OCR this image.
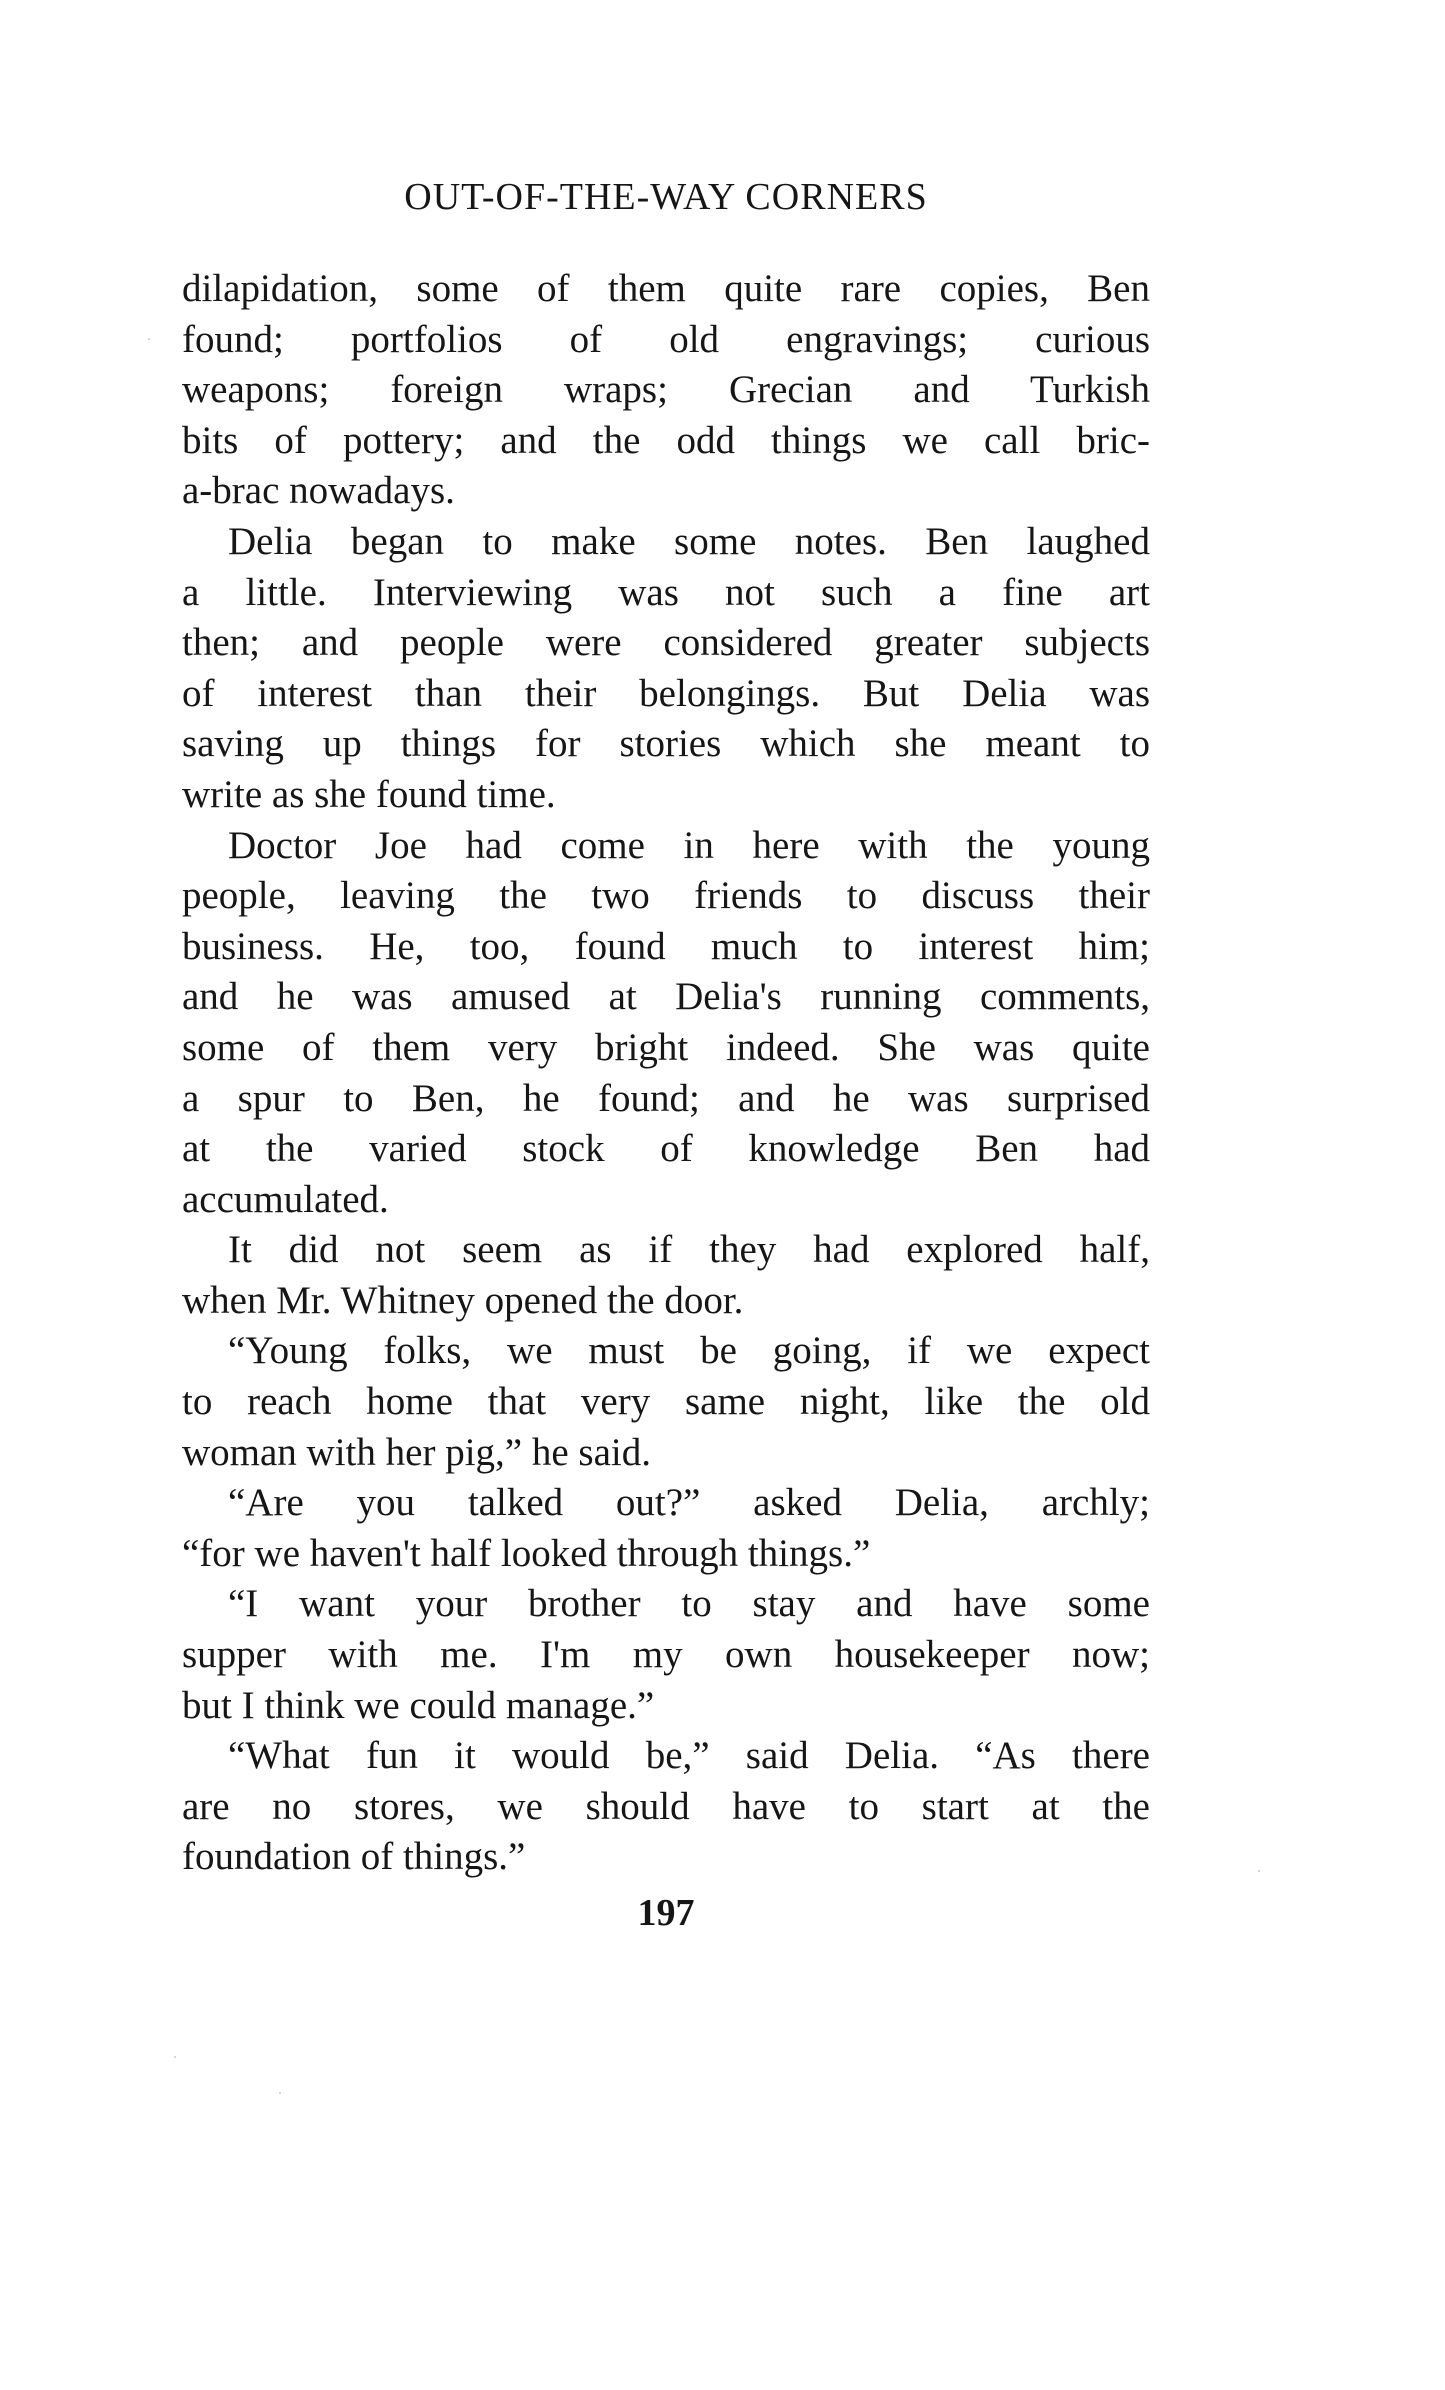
OUT-OF-THE-WAY CORNERS
dilapidation, some of them quite rare copies, Ben
found; portfolios of old engravings; curious
weapons; foreign wraps; Grecian and Turkish
bits of pottery; and the odd things we call bric-
a-brac nowadays.
Delia began to make some notes. Ben laughed
a little. Interviewing was not such a fine art
then; and people were considered greater subjects
of interest than their belongings. But Delia was
saving up things for stories which she meant to
write as she found time.
Doctor Joe had come in here with the young
people, leaving the two friends to discuss their
business. He, too, found much to interest him;
and he was amused at Delia's running comments,
some of them very bright indeed. She was quite
a spur to Ben, he found; and he was surprised
at the varied stock of knowledge Ben had
accumulated.
It did not seem as if they had explored half,
when Mr. Whitney opened the door.
“Young folks, we must be going, if we expect
to reach home that very same night, like the old
woman with her pig,” he said.
“Are you talked out?” asked Delia, archly;
“for we haven't half looked through things.”
“I want your brother to stay and have some
supper with me. I'm my own housekeeper now;
but I think we could manage.”
“What fun it would be,” said Delia. “As there
are no stores, we should have to start at the
foundation of things.”
197
